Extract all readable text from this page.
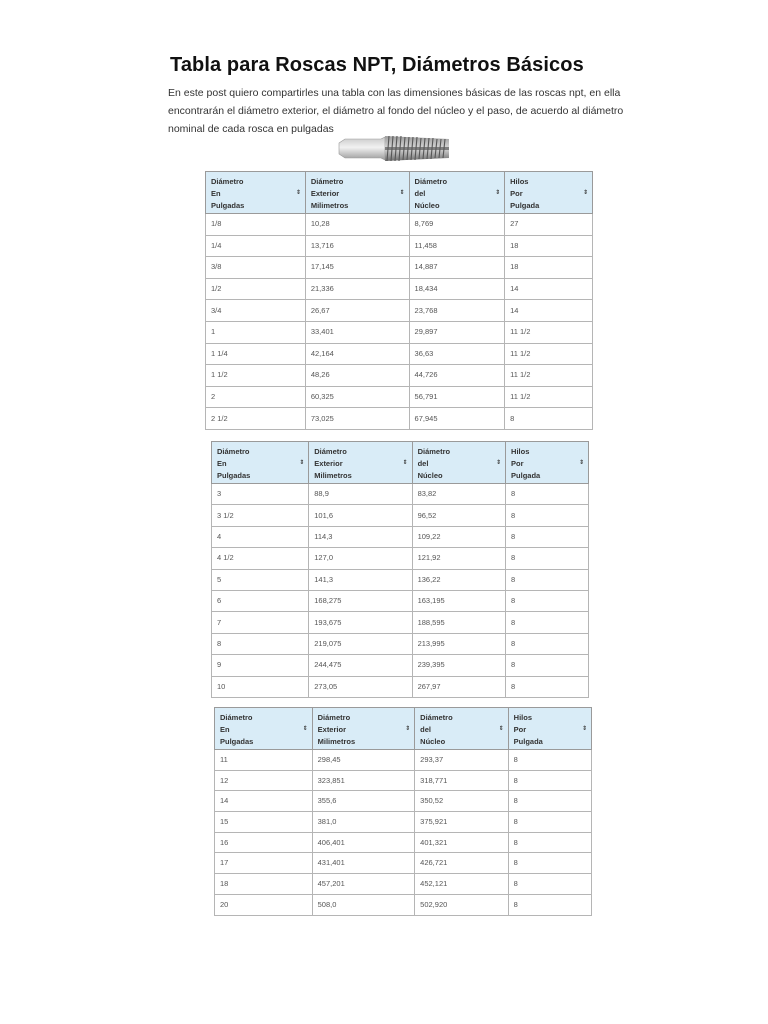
Tabla para Roscas NPT, Diámetros Básicos
En este post quiero compartirles una tabla con las dimensiones básicas de las roscas npt, en ella
encontrarán el diámetro exterior, el diámetro al fondo del núcleo y el paso, de acuerdo al diámetro
nominal de cada rosca en pulgadas
Diámetro
En
Pulgadas
⇕	Diámetro
Exterior
Milimetros
⇕	Diámetro
del
Núcleo
⇕	Hilos
Por
Pulgada
⇕

1/8	10,28	8,769	27
1/4	13,716	11,458	18
3/8	17,145	14,887	18
1/2	21,336	18,434	14
3/4	26,67	23,768	14
1	33,401	29,897	11 1/2
1 1/4	42,164	36,63	11 1/2
1 1/2	48,26	44,726	11 1/2
2	60,325	56,791	11 1/2
2 1/2	73,025	67,945	8
Diámetro
En
Pulgadas
⇕	Diámetro
Exterior
Milimetros
⇕	Diámetro
del
Núcleo
⇕	Hilos
Por
Pulgada
⇕

3	88,9	83,82	8
3 1/2	101,6	96,52	8
4	114,3	109,22	8
4 1/2	127,0	121,92	8
5	141,3	136,22	8
6	168,275	163,195	8
7	193,675	188,595	8
8	219,075	213,995	8
9	244,475	239,395	8
10	273,05	267,97	8
Diámetro
En
Pulgadas
⇕	Diámetro
Exterior
Milimetros
⇕	Diámetro
del
Núcleo
⇕	Hilos
Por
Pulgada
⇕

11	298,45	293,37	8
12	323,851	318,771	8
14	355,6	350,52	8
15	381,0	375,921	8
16	406,401	401,321	8
17	431,401	426,721	8
18	457,201	452,121	8
20	508,0	502,920	8
